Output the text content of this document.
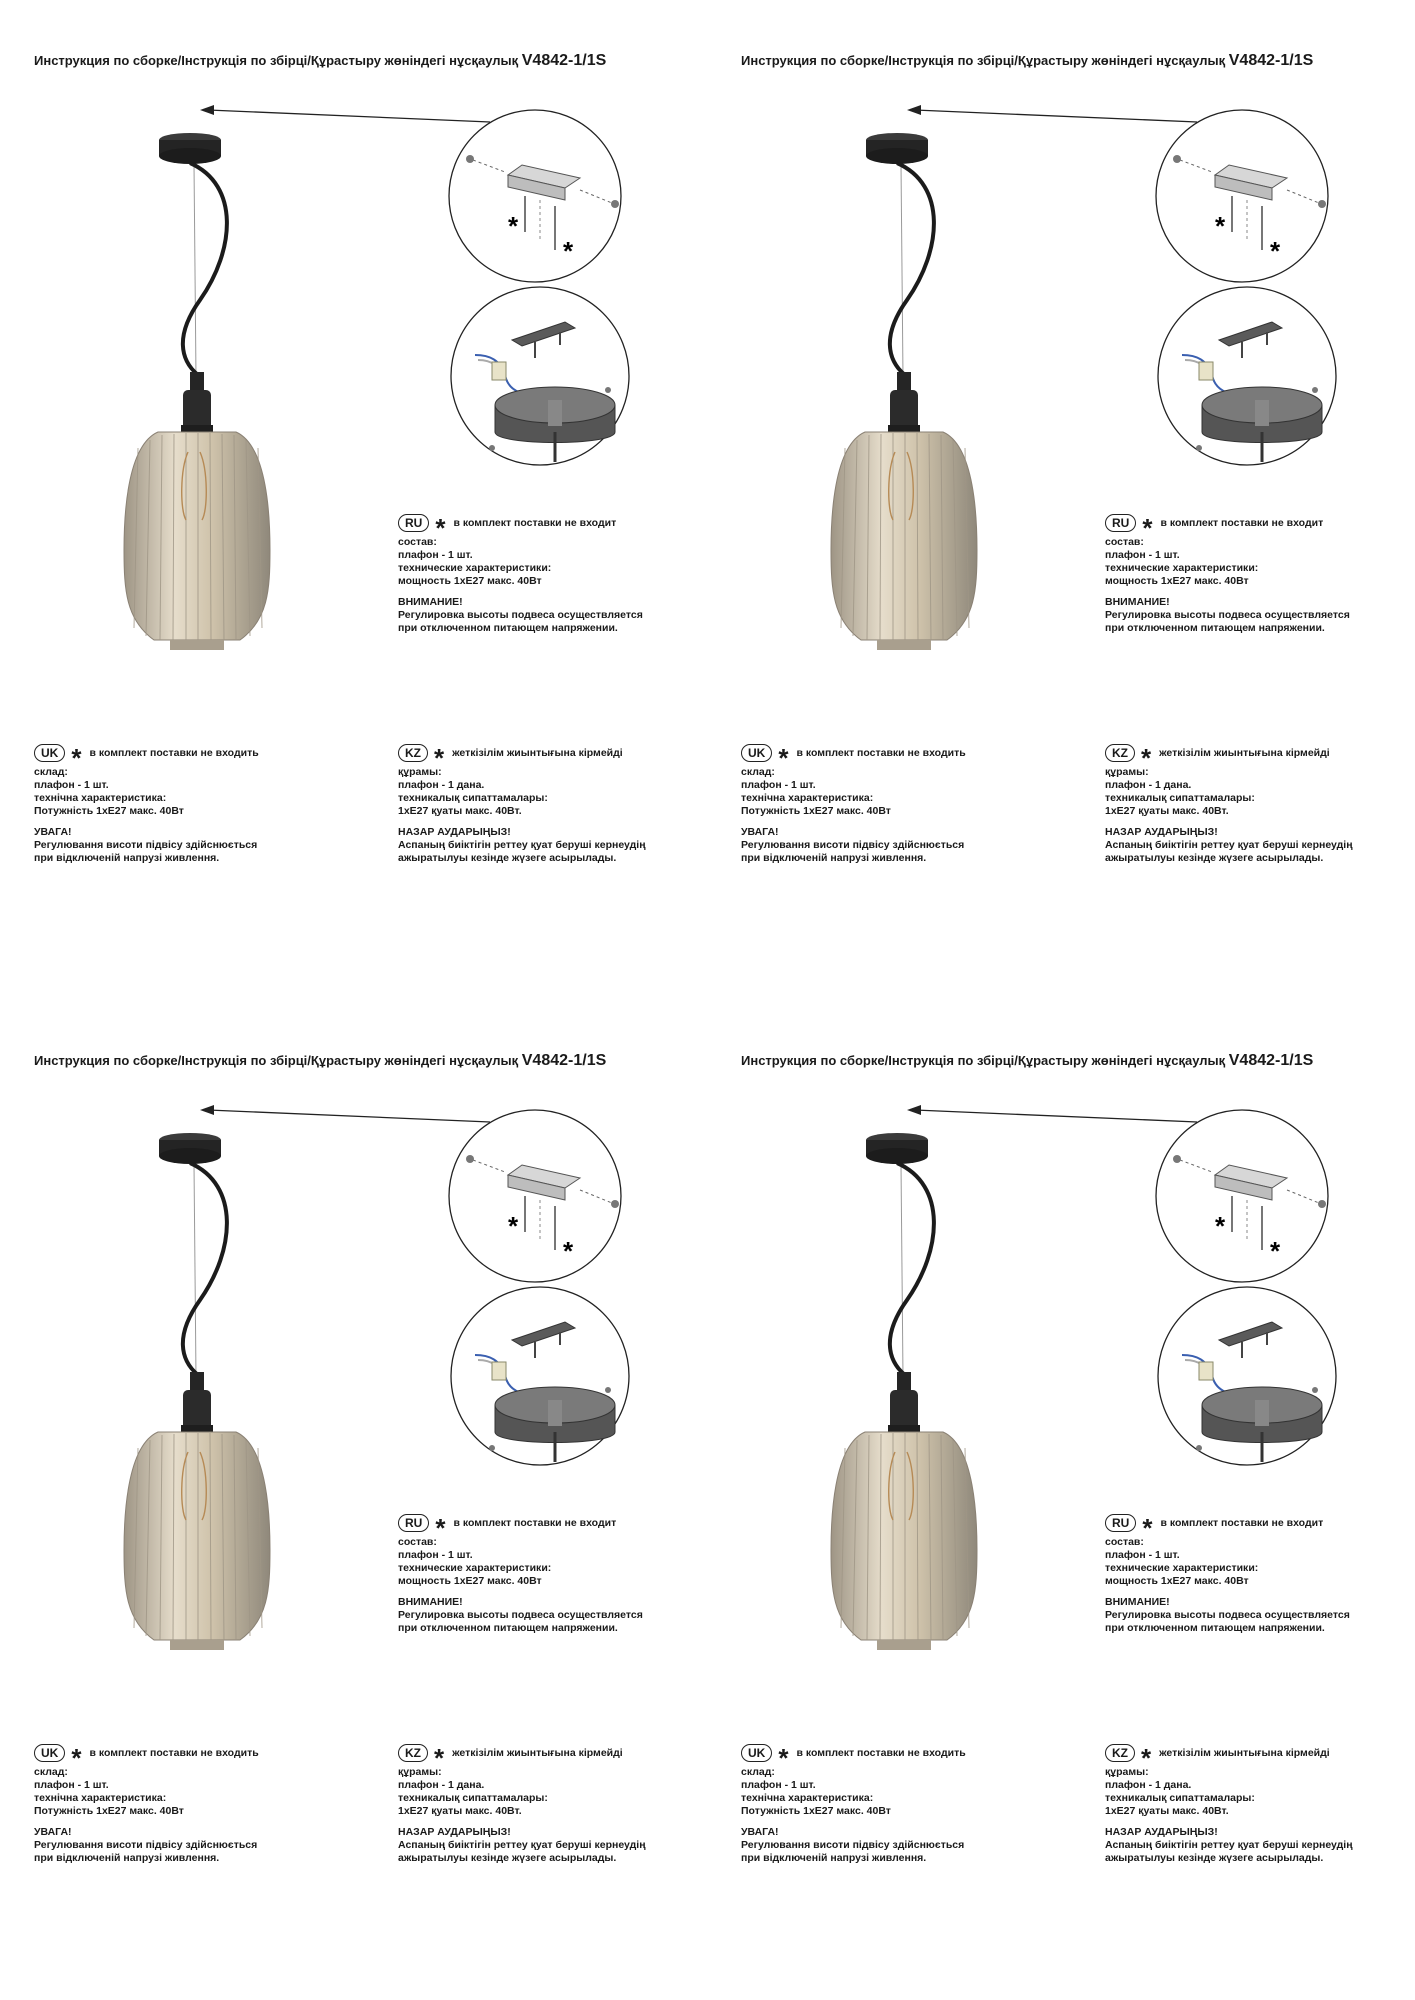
Инструкция по сборке/Інструкція по збірці/Құрастыру жөніндегі нұсқаулық V4842-1/1S
*
*
RU * в комплект поставки не входит
состав:
плафон - 1 шт.
технические характеристики:
мощность 1хE27 макс. 40Вт
ВНИМАНИЕ!
Регулировка высоты подвеса осуществляется
при отключенном питающем напряжении.
UK * в комплект поставки не входить
склад:
плафон - 1 шт.
технічна характеристика:
Потужність 1хE27 макс. 40Вт
УВАГА!
Регулювання висоти підвісу здійснюється
при відключеній напрузі живлення.
KZ * жеткізілім жиынтығына кірмейді
құрамы:
плафон - 1 дана.
техникалық сипаттамалары:
1хE27 қуаты макс. 40Вт.
НАЗАР АУДАРЫҢЫЗ!
Аспаның биіктігін реттеу қуат беруші кернеудің
ажыратылуы кезінде жүзеге асырылады.
Инструкция по сборке/Інструкція по збірці/Құрастыру жөніндегі нұсқаулық V4842-1/1S
*
*
RU * в комплект поставки не входит
состав:
плафон - 1 шт.
технические характеристики:
мощность 1хE27 макс. 40Вт
ВНИМАНИЕ!
Регулировка высоты подвеса осуществляется
при отключенном питающем напряжении.
UK * в комплект поставки не входить
склад:
плафон - 1 шт.
технічна характеристика:
Потужність 1хE27 макс. 40Вт
УВАГА!
Регулювання висоти підвісу здійснюється
при відключеній напрузі живлення.
KZ * жеткізілім жиынтығына кірмейді
құрамы:
плафон - 1 дана.
техникалық сипаттамалары:
1хE27 қуаты макс. 40Вт.
НАЗАР АУДАРЫҢЫЗ!
Аспаның биіктігін реттеу қуат беруші кернеудің
ажыратылуы кезінде жүзеге асырылады.
Инструкция по сборке/Інструкція по збірці/Құрастыру жөніндегі нұсқаулық V4842-1/1S
*
*
RU * в комплект поставки не входит
состав:
плафон - 1 шт.
технические характеристики:
мощность 1хE27 макс. 40Вт
ВНИМАНИЕ!
Регулировка высоты подвеса осуществляется
при отключенном питающем напряжении.
UK * в комплект поставки не входить
склад:
плафон - 1 шт.
технічна характеристика:
Потужність 1хE27 макс. 40Вт
УВАГА!
Регулювання висоти підвісу здійснюється
при відключеній напрузі живлення.
KZ * жеткізілім жиынтығына кірмейді
құрамы:
плафон - 1 дана.
техникалық сипаттамалары:
1хE27 қуаты макс. 40Вт.
НАЗАР АУДАРЫҢЫЗ!
Аспаның биіктігін реттеу қуат беруші кернеудің
ажыратылуы кезінде жүзеге асырылады.
Инструкция по сборке/Інструкція по збірці/Құрастыру жөніндегі нұсқаулық V4842-1/1S
*
*
RU * в комплект поставки не входит
состав:
плафон - 1 шт.
технические характеристики:
мощность 1хE27 макс. 40Вт
ВНИМАНИЕ!
Регулировка высоты подвеса осуществляется
при отключенном питающем напряжении.
UK * в комплект поставки не входить
склад:
плафон - 1 шт.
технічна характеристика:
Потужність 1хE27 макс. 40Вт
УВАГА!
Регулювання висоти підвісу здійснюється
при відключеній напрузі живлення.
KZ * жеткізілім жиынтығына кірмейді
құрамы:
плафон - 1 дана.
техникалық сипаттамалары:
1хE27 қуаты макс. 40Вт.
НАЗАР АУДАРЫҢЫЗ!
Аспаның биіктігін реттеу қуат беруші кернеудің
ажыратылуы кезінде жүзеге асырылады.
